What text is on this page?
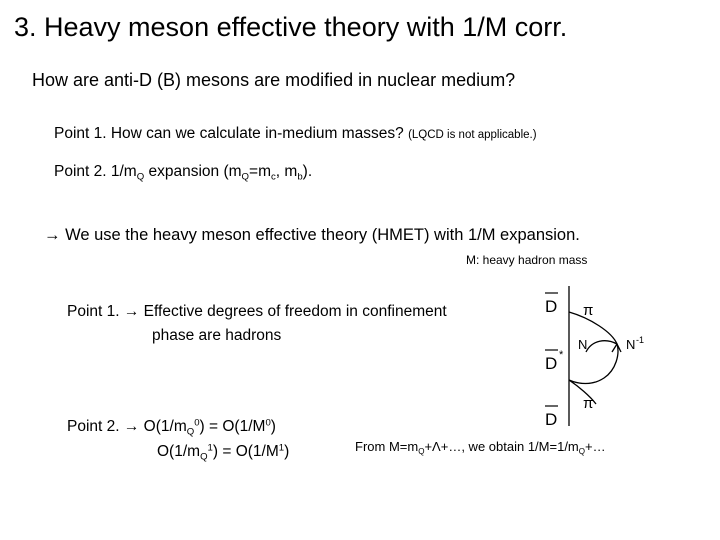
3. Heavy meson effective theory with 1/M corr.
How are anti-D (B) mesons are modified in nuclear medium?
Point 1. How can we calculate in-medium masses? (LQCD is not applicable.)
Point 2. $1/m_Q$ expansion ($m_Q=m_c$, $m_b$).
→ We use the heavy meson effective theory (HMET) with 1/M expansion.
M: heavy hadron mass
Point 1. → Effective degrees of freedom in confinement
phase are hadrons
Point 2. → $O(1/m_Q^0) = O(1/M^0)$
$O(1/m_Q^1) = O(1/M^1)$	From $M=m_Q+\Lambda+\dots$, we obtain $1/M=1/m_Q+\dots$
D
D *
D
π
π
N	N -1
